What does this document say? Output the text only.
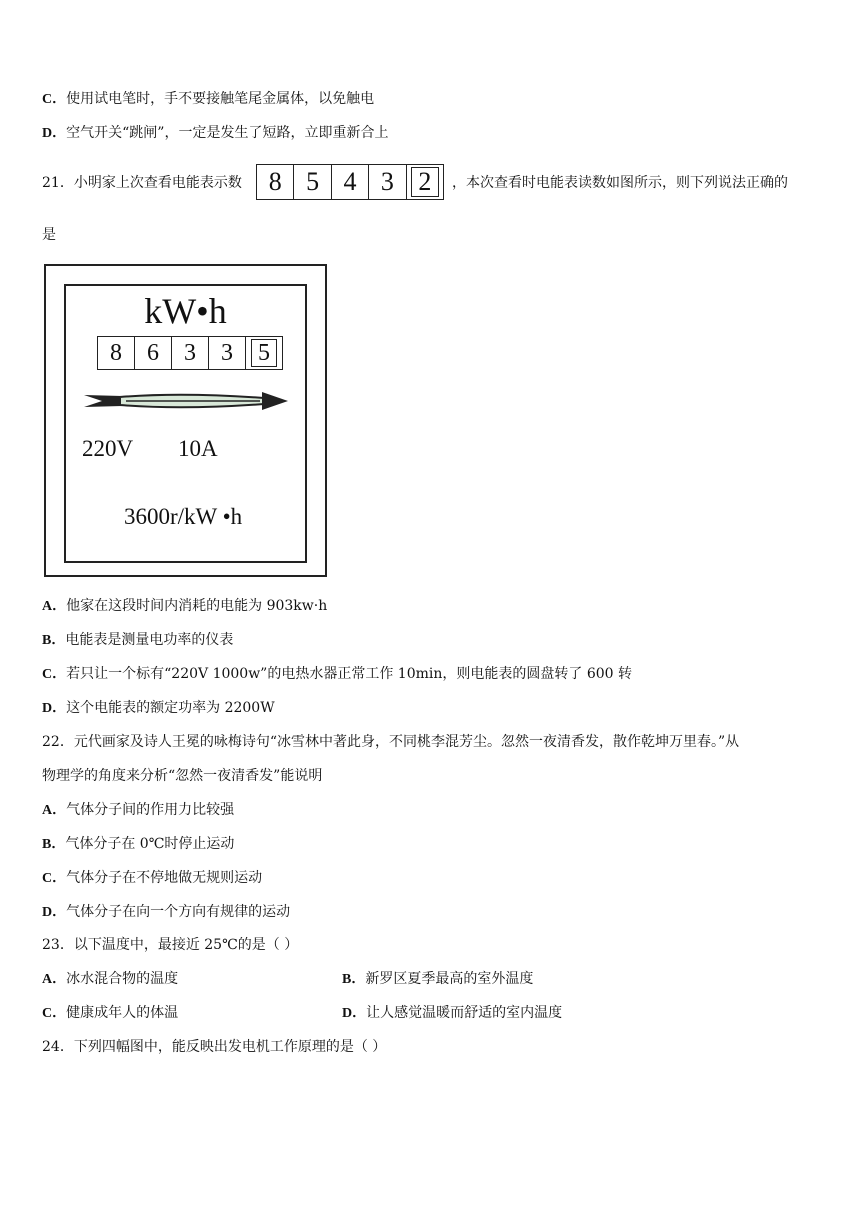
C．使用试电笔时，手不要接触笔尾金属体，以免触电
D．空气开关“跳闸”，一定是发生了短路，立即重新合上
21．小明家上次查看电能表示数	8 5 4 3 2	，本次查看时电能表读数如图所示，则下列说法正确的
是
kW•h
8	6	3	3	5
220V 10A
3600r/kW •h
A．他家在这段时间内消耗的电能为 903kw·h
B．电能表是测量电功率的仪表
C．若只让一个标有“220V 1000w”的电热水器正常工作 10min，则电能表的圆盘转了 600 转
D．这个电能表的额定功率为 2200W
22．元代画家及诗人王冕的咏梅诗句“冰雪林中著此身，不同桃李混芳尘。忽然一夜清香发，散作乾坤万里春。”从
物理学的角度来分析“忽然一夜清香发”能说明
A．气体分子间的作用力比较强
B．气体分子在 0℃时停止运动
C．气体分子在不停地做无规则运动
D．气体分子在向一个方向有规律的运动
23．以下温度中，最接近 25℃的是（ ）
A．冰水混合物的温度	B．新罗区夏季最高的室外温度
C．健康成年人的体温	D．让人感觉温暖而舒适的室内温度
24．下列四幅图中，能反映出发电机工作原理的是（ ）
